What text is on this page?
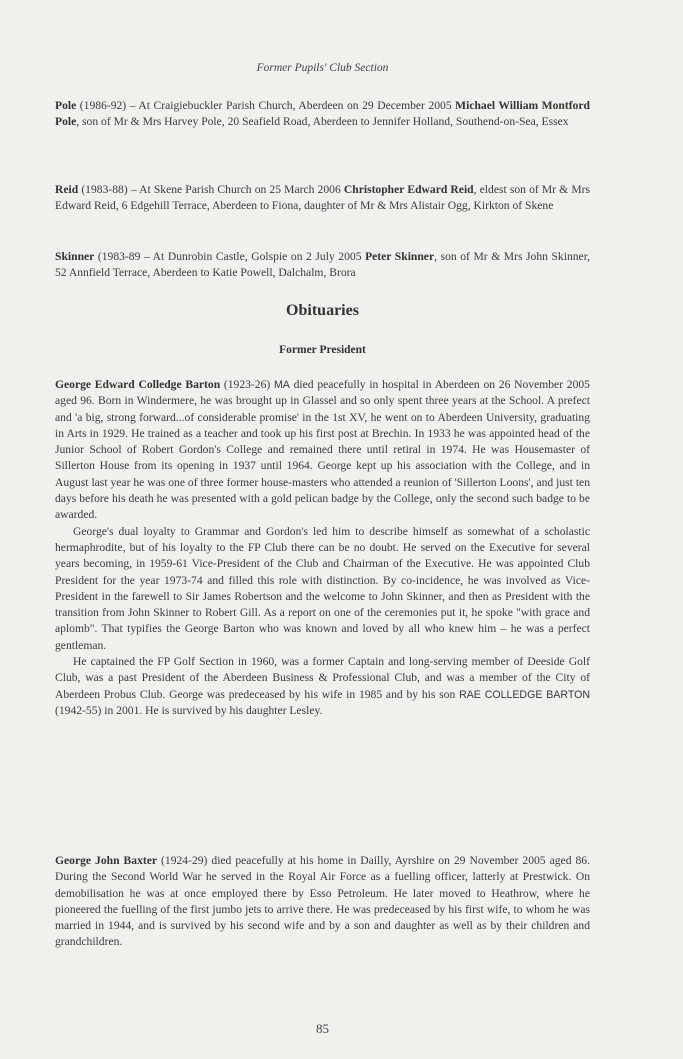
Former Pupils' Club Section

Pole (1986-92) – At Craigiebuckler Parish Church, Aberdeen on 29 December 2005 Michael William Montford Pole, son of Mr & Mrs Harvey Pole, 20 Seafield Road, Aberdeen to Jennifer Holland, Southend-on-Sea, Essex

Reid (1983-88) – At Skene Parish Church on 25 March 2006 Christopher Edward Reid, eldest son of Mr & Mrs Edward Reid, 6 Edgehill Terrace, Aberdeen to Fiona, daughter of Mr & Mrs Alistair Ogg, Kirkton of Skene

Skinner (1983-89 – At Dunrobin Castle, Golspie on 2 July 2005 Peter Skinner, son of Mr & Mrs John Skinner, 52 Annfield Terrace, Aberdeen to Katie Powell, Dalchalm, Brora

Obituaries
Former President

George Edward Colledge Barton (1923-26) MA died peacefully in hospital in Aberdeen on 26 November 2005 aged 96. Born in Windermere, he was brought up in Glassel and so only spent three years at the School. A prefect and 'a big, strong forward...of considerable promise' in the 1st XV, he went on to Aberdeen University, graduating in Arts in 1929. He trained as a teacher and took up his first post at Brechin. In 1933 he was appointed head of the Junior School of Robert Gordon's College and remained there until retiral in 1974. He was Housemaster of Sillerton House from its opening in 1937 until 1964. George kept up his association with the College, and in August last year he was one of three former house-masters who attended a reunion of 'Sillerton Loons', and just ten days before his death he was presented with a gold pelican badge by the College, only the second such badge to be awarded.

George's dual loyalty to Grammar and Gordon's led him to describe himself as somewhat of a scholastic hermaphrodite, but of his loyalty to the FP Club there can be no doubt. He served on the Executive for several years becoming, in 1959-61 Vice-President of the Club and Chairman of the Executive. He was appointed Club President for the year 1973-74 and filled this role with distinction. By co-incidence, he was involved as Vice-President in the farewell to Sir James Robertson and the welcome to John Skinner, and then as President with the transition from John Skinner to Robert Gill. As a report on one of the ceremonies put it, he spoke "with grace and aplomb". That typifies the George Barton who was known and loved by all who knew him – he was a perfect gentleman.

He captained the FP Golf Section in 1960, was a former Captain and long-serving member of Deeside Golf Club, was a past President of the Aberdeen Business & Professional Club, and was a member of the City of Aberdeen Probus Club. George was predeceased by his wife in 1985 and by his son RAE COLLEDGE BARTON (1942-55) in 2001. He is survived by his daughter Lesley.

George John Baxter (1924-29) died peacefully at his home in Dailly, Ayrshire on 29 November 2005 aged 86. During the Second World War he served in the Royal Air Force as a fuelling officer, latterly at Prestwick. On demobilisation he was at once employed there by Esso Petroleum. He later moved to Heathrow, where he pioneered the fuelling of the first jumbo jets to arrive there. He was predeceased by his first wife, to whom he was married in 1944, and is survived by his second wife and by a son and daughter as well as by their children and grandchildren.

85
